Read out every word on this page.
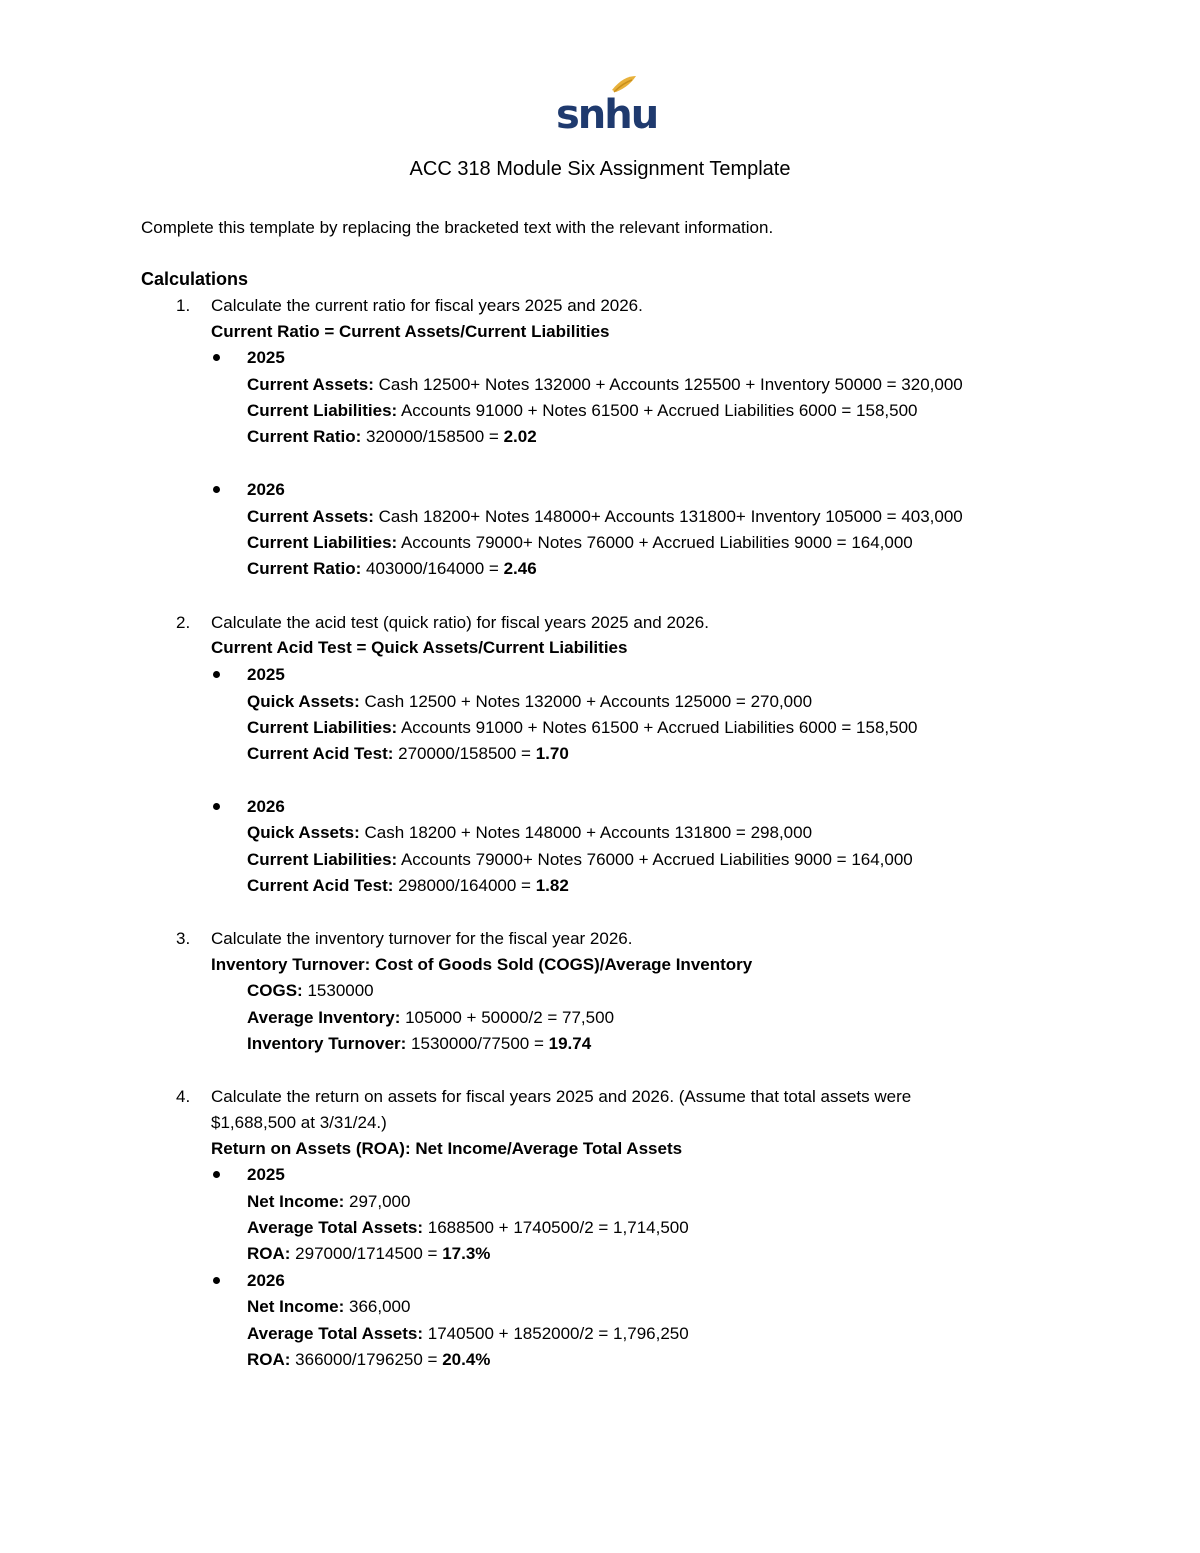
snhu
ACC 318 Module Six Assignment Template
Complete this template by replacing the bracketed text with the relevant information.
Calculations
1. Calculate the current ratio for fiscal years 2025 and 2026.
Current Ratio = Current Assets/Current Liabilities
2025
Current Assets: Cash 12500+ Notes 132000 + Accounts 125500 + Inventory 50000 = 320,000
Current Liabilities: Accounts 91000 + Notes 61500 + Accrued Liabilities 6000 = 158,500
Current Ratio: 320000/158500 = 2.02
2026
Current Assets: Cash 18200+ Notes 148000+ Accounts 131800+ Inventory 105000 = 403,000
Current Liabilities: Accounts 79000+ Notes 76000 + Accrued Liabilities 9000 = 164,000
Current Ratio: 403000/164000 = 2.46
2. Calculate the acid test (quick ratio) for fiscal years 2025 and 2026.
Current Acid Test = Quick Assets/Current Liabilities
2025
Quick Assets: Cash 12500 + Notes 132000 + Accounts 125000 = 270,000
Current Liabilities: Accounts 91000 + Notes 61500 + Accrued Liabilities 6000 = 158,500
Current Acid Test: 270000/158500 = 1.70
2026
Quick Assets: Cash 18200 + Notes 148000 + Accounts 131800 = 298,000
Current Liabilities: Accounts 79000+ Notes 76000 + Accrued Liabilities 9000 = 164,000
Current Acid Test: 298000/164000 = 1.82
3. Calculate the inventory turnover for the fiscal year 2026.
Inventory Turnover: Cost of Goods Sold (COGS)/Average Inventory
COGS: 1530000
Average Inventory: 105000 + 50000/2 = 77,500
Inventory Turnover: 1530000/77500 = 19.74
4. Calculate the return on assets for fiscal years 2025 and 2026. (Assume that total assets were
$1,688,500 at 3/31/24.)
Return on Assets (ROA): Net Income/Average Total Assets
2025
Net Income: 297,000
Average Total Assets: 1688500 + 1740500/2 = 1,714,500
ROA: 297000/1714500 = 17.3%
2026
Net Income: 366,000
Average Total Assets: 1740500 + 1852000/2 = 1,796,250
ROA: 366000/1796250 = 20.4%
